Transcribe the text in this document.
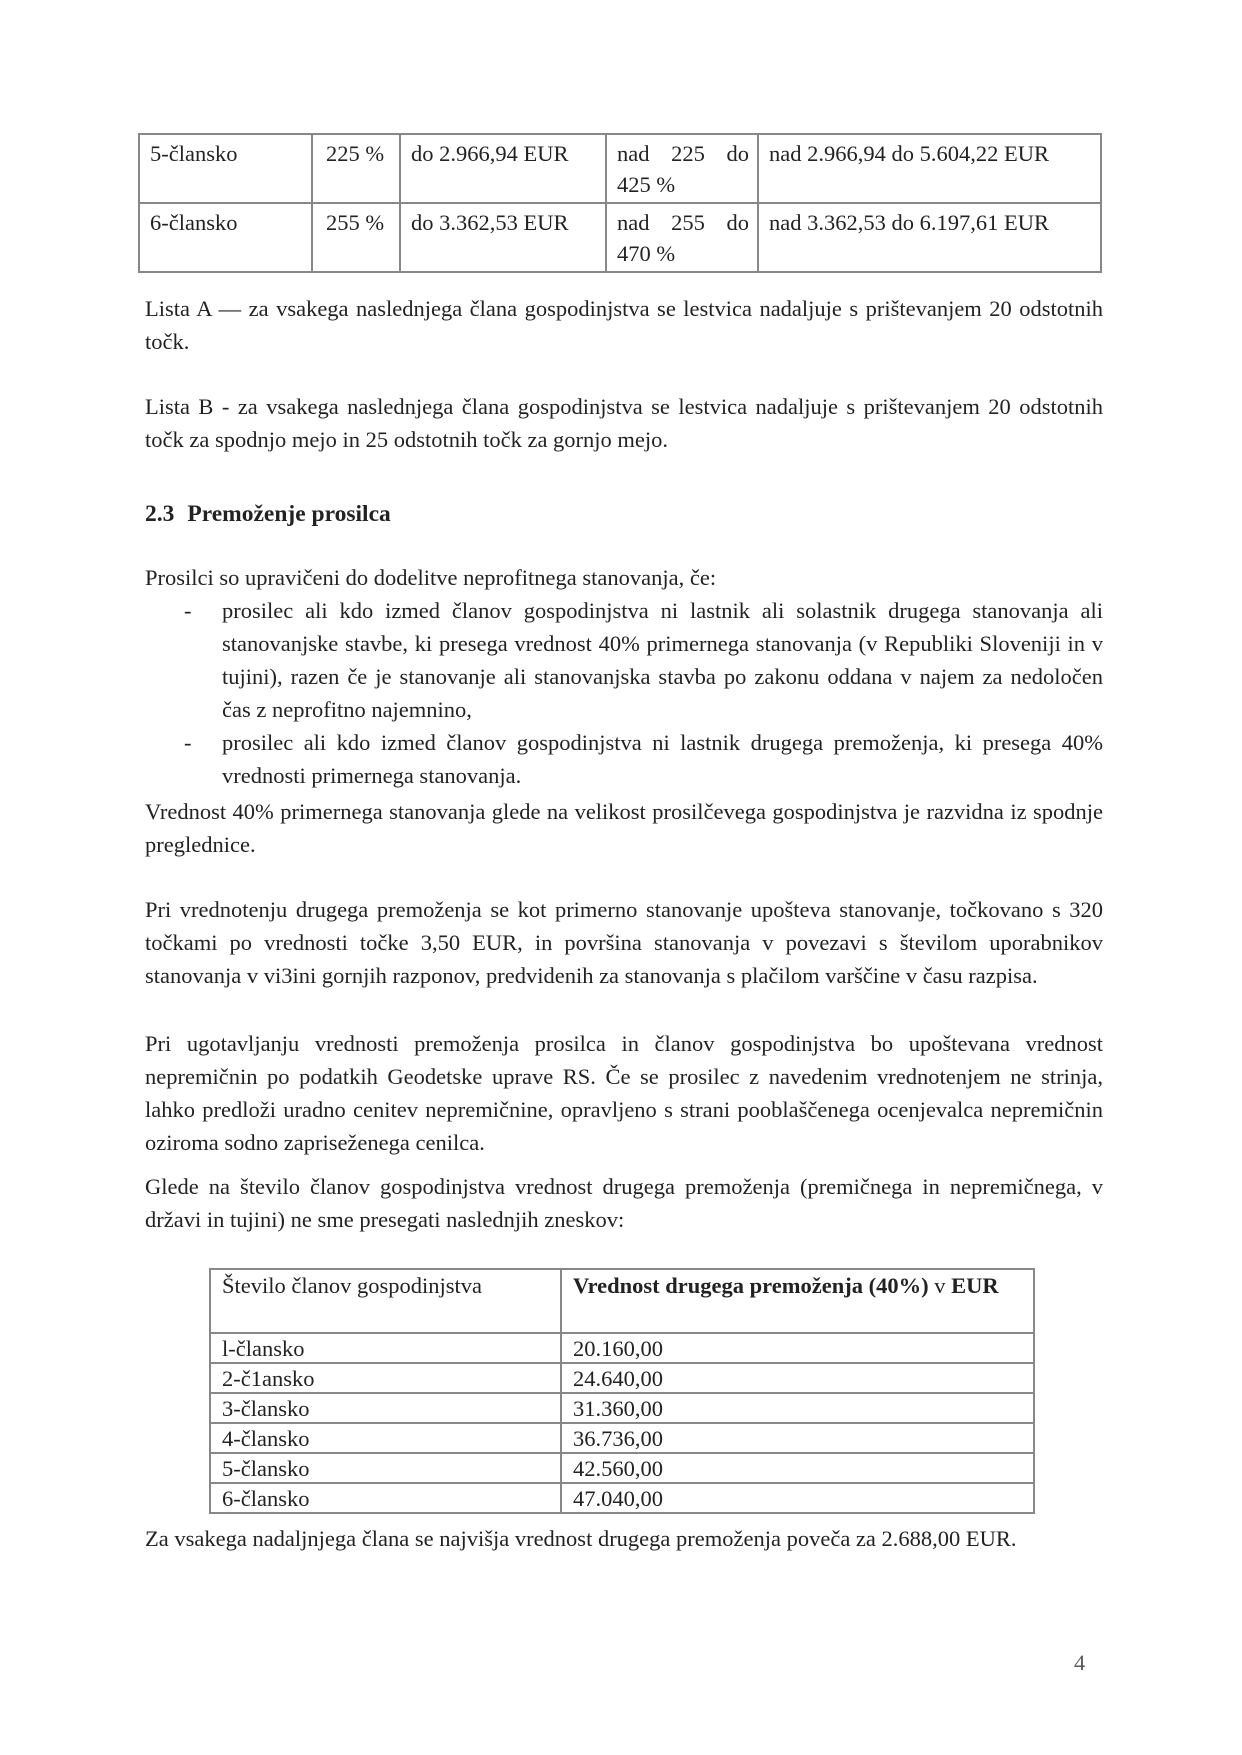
5-člansko	225 %	do 2.966,94 EUR	nad 225 do 425 %	nad 2.966,94 do 5.604,22 EUR
6-člansko	255 %	do 3.362,53 EUR	nad 255 do 470 %	nad 3.362,53 do 6.197,61 EUR
Lista A — za vsakega naslednjega člana gospodinjstva se lestvica nadaljuje s prištevanjem 20 odstotnih točk.
Lista B - za vsakega naslednjega člana gospodinjstva se lestvica nadaljuje s prištevanjem 20 odstotnih točk za spodnjo mejo in 25 odstotnih točk za gornjo mejo.
2.3 Premoženje prosilca
Prosilci so upravičeni do dodelitve neprofitnega stanovanja, če:
- prosilec ali kdo izmed članov gospodinjstva ni lastnik ali solastnik drugega stanovanja ali stanovanjske stavbe, ki presega vrednost 40% primernega stanovanja (v Republiki Sloveniji in v tujini), razen če je stanovanje ali stanovanjska stavba po zakonu oddana v najem za nedoločen čas z neprofitno najemnino,
- prosilec ali kdo izmed članov gospodinjstva ni lastnik drugega premoženja, ki presega 40% vrednosti primernega stanovanja.
Vrednost 40% primernega stanovanja glede na velikost prosilčevega gospodinjstva je razvidna iz spodnje preglednice.
Pri vrednotenju drugega premoženja se kot primerno stanovanje upošteva stanovanje, točkovano s 320 točkami po vrednosti točke 3,50 EUR, in površina stanovanja v povezavi s številom uporabnikov stanovanja v vi3ini gornjih razponov, predvidenih za stanovanja s plačilom varščine v času razpisa.
Pri ugotavljanju vrednosti premoženja prosilca in članov gospodinjstva bo upoštevana vrednost nepremičnin po podatkih Geodetske uprave RS. Če se prosilec z navedenim vrednotenjem ne strinja, lahko predloži uradno cenitev nepremičnine, opravljeno s strani pooblaščenega ocenjevalca nepremičnin oziroma sodno zapriseženega cenilca.
Glede na število članov gospodinjstva vrednost drugega premoženja (premičnega in nepremičnega, v državi in tujini) ne sme presegati naslednjih zneskov:
Število članov gospodinjstva	Vrednost drugega premoženja (40%) v EUR
l-člansko	20.160,00
2-č1ansko	24.640,00
3-člansko	31.360,00
4-člansko	36.736,00
5-člansko	42.560,00
6-člansko	47.040,00
Za vsakega nadaljnjega člana se najvišja vrednost drugega premoženja poveča za 2.688,00 EUR.
4
